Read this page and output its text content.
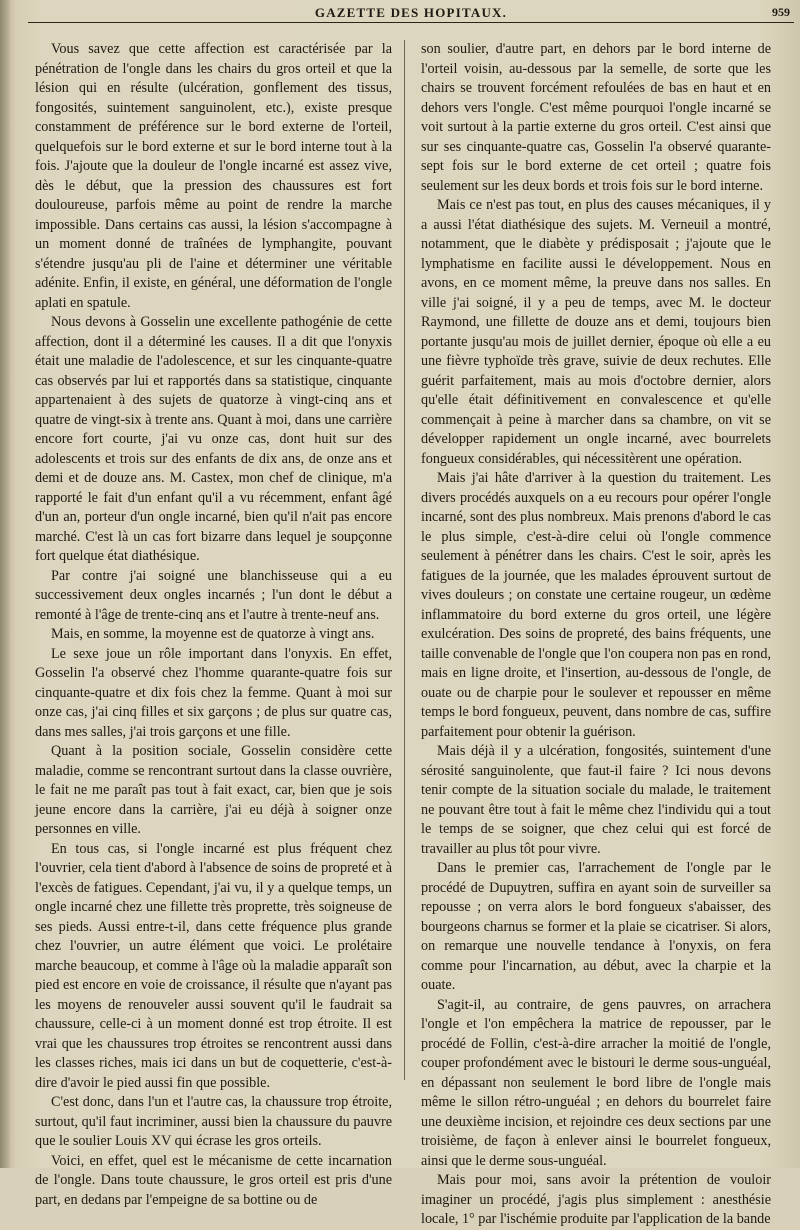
GAZETTE DES HOPITAUX.	959

Vous savez que cette affection est caractérisée par la pénétration de l'ongle dans les chairs du gros orteil et que la lésion qui en résulte (ulcération, gonflement des tissus, fongosités, suintement sanguinolent, etc.), existe presque constamment de préférence sur le bord externe de l'orteil, quelquefois sur le bord externe et sur le bord interne tout à la fois. J'ajoute que la douleur de l'ongle incarné est assez vive, dès le début, que la pression des chaussures est fort douloureuse, parfois même au point de rendre la marche impossible. Dans certains cas aussi, la lésion s'accompagne à un moment donné de traînées de lymphangite, pouvant s'étendre jusqu'au pli de l'aine et déterminer une véritable adénite. Enfin, il existe, en général, une déformation de l'ongle aplati en spatule.

Nous devons à Gosselin une excellente pathogénie de cette affection, dont il a déterminé les causes. Il a dit que l'onyxis était une maladie de l'adolescence, et sur les cinquante-quatre cas observés par lui et rapportés dans sa statistique, cinquante appartenaient à des sujets de quatorze à vingt-cinq ans et quatre de vingt-six à trente ans. Quant à moi, dans une carrière encore fort courte, j'ai vu onze cas, dont huit sur des adolescents et trois sur des enfants de dix ans, de onze ans et demi et de douze ans. M. Castex, mon chef de clinique, m'a rapporté le fait d'un enfant qu'il a vu récemment, enfant âgé d'un an, porteur d'un ongle incarné, bien qu'il n'ait pas encore marché. C'est là un cas fort bizarre dans lequel je soupçonne fort quelque état diathésique.

Par contre j'ai soigné une blanchisseuse qui a eu successivement deux ongles incarnés ; l'un dont le début a remonté à l'âge de trente-cinq ans et l'autre à trente-neuf ans.

Mais, en somme, la moyenne est de quatorze à vingt ans.

Le sexe joue un rôle important dans l'onyxis. En effet, Gosselin l'a observé chez l'homme quarante-quatre fois sur cinquante-quatre et dix fois chez la femme. Quant à moi sur onze cas, j'ai cinq filles et six garçons ; de plus sur quatre cas, dans mes salles, j'ai trois garçons et une fille.

Quant à la position sociale, Gosselin considère cette maladie, comme se rencontrant surtout dans la classe ouvrière, le fait ne me paraît pas tout à fait exact, car, bien que je sois jeune encore dans la carrière, j'ai eu déjà à soigner onze personnes en ville.

En tous cas, si l'ongle incarné est plus fréquent chez l'ouvrier, cela tient d'abord à l'absence de soins de propreté et à l'excès de fatigues. Cependant, j'ai vu, il y a quelque temps, un ongle incarné chez une fillette très proprette, très soigneuse de ses pieds. Aussi entre-t-il, dans cette fréquence plus grande chez l'ouvrier, un autre élément que voici. Le prolétaire marche beaucoup, et comme à l'âge où la maladie apparaît son pied est encore en voie de croissance, il résulte que n'ayant pas les moyens de renouveler aussi souvent qu'il le faudrait sa chaussure, celle-ci à un moment donné est trop étroite. Il est vrai que les chaussures trop étroites se rencontrent aussi dans les classes riches, mais ici dans un but de coquetterie, c'est-à-dire d'avoir le pied aussi fin que possible.

C'est donc, dans l'un et l'autre cas, la chaussure trop étroite, surtout, qu'il faut incriminer, aussi bien la chaussure du pauvre que le soulier Louis XV qui écrase les gros orteils.

Voici, en effet, quel est le mécanisme de cette incarnation de l'ongle. Dans toute chaussure, le gros orteil est pris d'une part, en dedans par l'empeigne de sa bottine ou de

son soulier, d'autre part, en dehors par le bord interne de l'orteil voisin, au-dessous par la semelle, de sorte que les chairs se trouvent forcément refoulées de bas en haut et en dehors vers l'ongle. C'est même pourquoi l'ongle incarné se voit surtout à la partie externe du gros orteil. C'est ainsi que sur ses cinquante-quatre cas, Gosselin l'a observé quarante-sept fois sur le bord externe de cet orteil ; quatre fois seulement sur les deux bords et trois fois sur le bord interne.

Mais ce n'est pas tout, en plus des causes mécaniques, il y a aussi l'état diathésique des sujets. M. Verneuil a montré, notamment, que le diabète y prédisposait ; j'ajoute que le lymphatisme en facilite aussi le développement. Nous en avons, en ce moment même, la preuve dans nos salles. En ville j'ai soigné, il y a peu de temps, avec M. le docteur Raymond, une fillette de douze ans et demi, toujours bien portante jusqu'au mois de juillet dernier, époque où elle a eu une fièvre typhoïde très grave, suivie de deux rechutes. Elle guérit parfaitement, mais au mois d'octobre dernier, alors qu'elle était définitivement en convalescence et qu'elle commençait à peine à marcher dans sa chambre, on vit se développer rapidement un ongle incarné, avec bourrelets fongueux considérables, qui nécessitèrent une opération.

Mais j'ai hâte d'arriver à la question du traitement. Les divers procédés auxquels on a eu recours pour opérer l'ongle incarné, sont des plus nombreux. Mais prenons d'abord le cas le plus simple, c'est-à-dire celui où l'ongle commence seulement à pénétrer dans les chairs. C'est le soir, après les fatigues de la journée, que les malades éprouvent surtout de vives douleurs ; on constate une certaine rougeur, un œdème inflammatoire du bord externe du gros orteil, une légère exulcération. Des soins de propreté, des bains fréquents, une taille convenable de l'ongle que l'on coupera non pas en rond, mais en ligne droite, et l'insertion, au-dessous de l'ongle, de ouate ou de charpie pour le soulever et repousser en même temps le bord fongueux, peuvent, dans nombre de cas, suffire parfaitement pour obtenir la guérison.

Mais déjà il y a ulcération, fongosités, suintement d'une sérosité sanguinolente, que faut-il faire ? Ici nous devons tenir compte de la situation sociale du malade, le traitement ne pouvant être tout à fait le même chez l'individu qui a tout le temps de se soigner, que chez celui qui est forcé de travailler au plus tôt pour vivre.

Dans le premier cas, l'arrachement de l'ongle par le procédé de Dupuytren, suffira en ayant soin de surveiller sa repousse ; on verra alors le bord fongueux s'abaisser, des bourgeons charnus se former et la plaie se cicatriser. Si alors, on remarque une nouvelle tendance à l'onyxis, on fera comme pour l'incarnation, au début, avec la charpie et la ouate.

S'agit-il, au contraire, de gens pauvres, on arrachera l'ongle et l'on empêchera la matrice de repousser, par le procédé de Follin, c'est-à-dire arracher la moitié de l'ongle, couper profondément avec le bistouri le derme sous-unguéal, en dépassant non seulement le bord libre de l'ongle mais même le sillon rétro-unguéal ; en dehors du bourrelet faire une deuxième incision, et rejoindre ces deux sections par une troisième, de façon à enlever ainsi le bourrelet fongueux, ainsi que le derme sous-unguéal.

Mais pour moi, sans avoir la prétention de vouloir imaginer un procédé, j'agis plus simplement : anesthésie locale, 1° par l'ischémie produite par l'application de la bande
